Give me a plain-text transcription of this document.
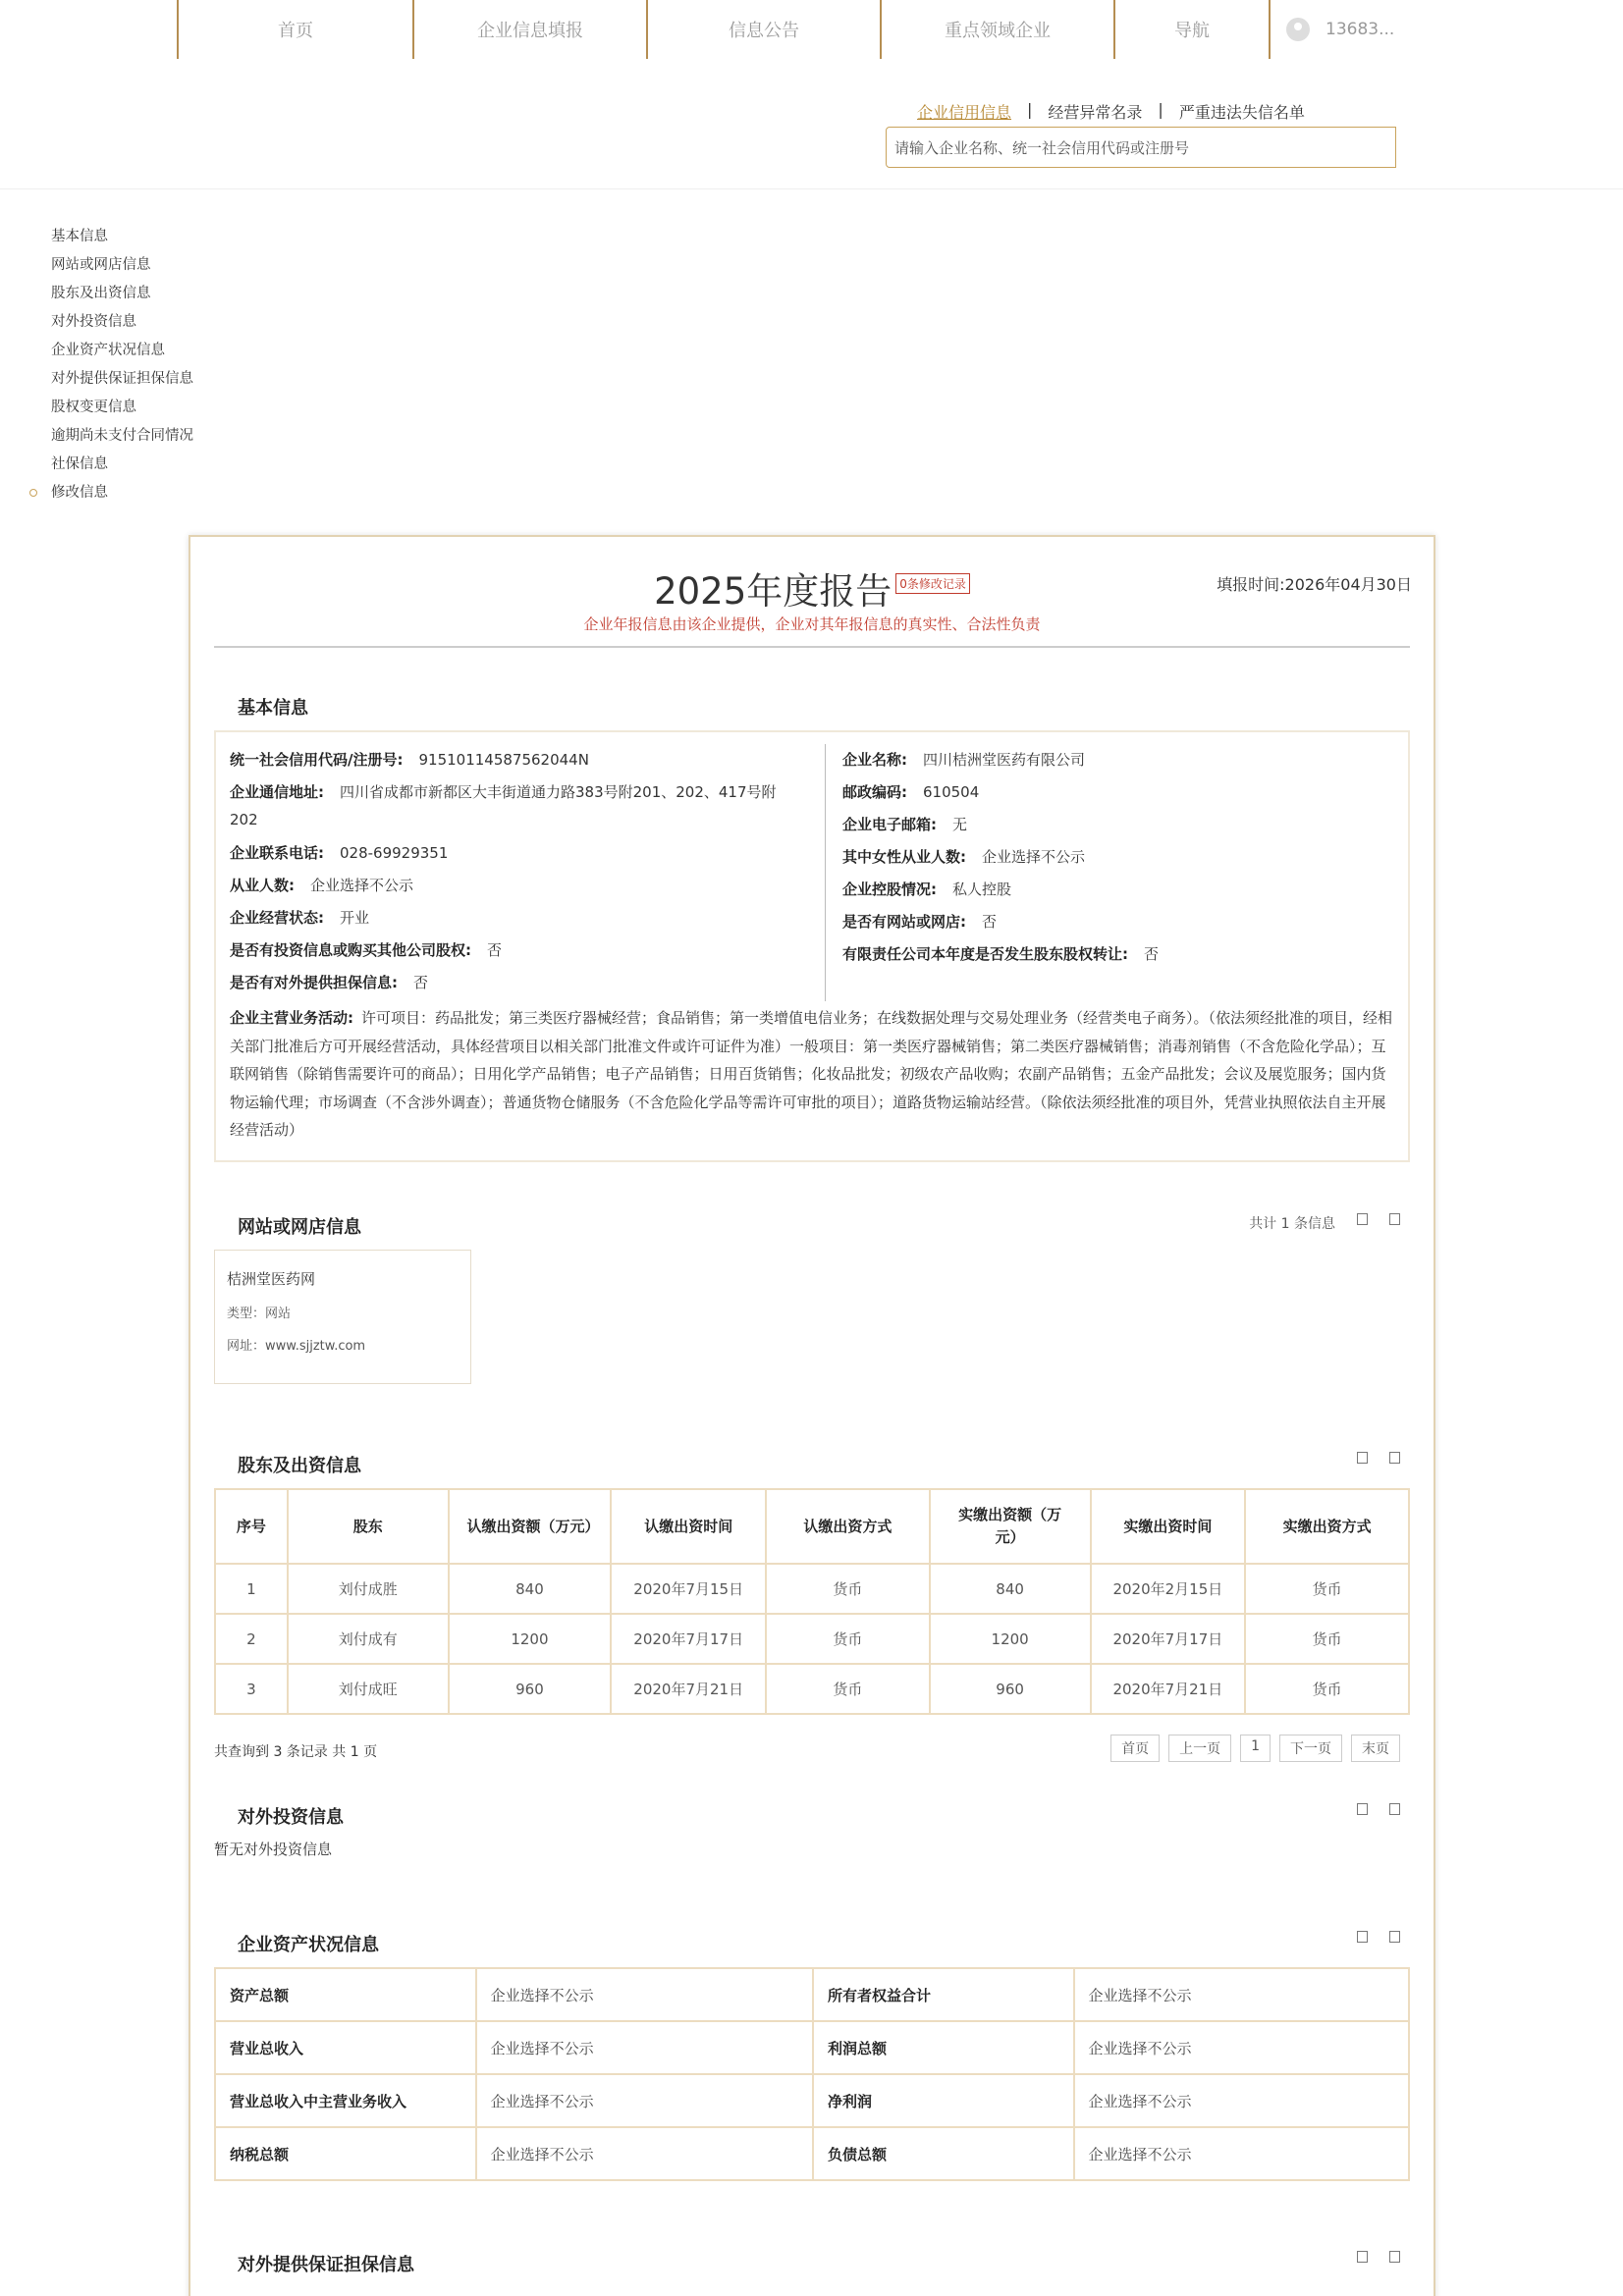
首页	企业信息填报	信息公告	重点领域企业	导航	13683...
企业信用信息 | 经营异常名录 | 严重违法失信名单
请输入企业名称、统一社会信用代码或注册号
基本信息
网站或网店信息
股东及出资信息
对外投资信息
企业资产状况信息
对外提供保证担保信息
股权变更信息
逾期尚未支付合同情况
社保信息
修改信息
2025年度报告 0条修改记录	填报时间:2026年04月30日
企业年报信息由该企业提供，企业对其年报信息的真实性、合法性负责
基本信息
统一社会信用代码/注册号: 91510114587562044N
企业通信地址: 四川省成都市新都区大丰街道通力路383号附201、202、417号附202
企业联系电话: 028-69929351
从业人数: 企业选择不公示
企业经营状态: 开业
是否有投资信息或购买其他公司股权: 否
是否有对外提供担保信息: 否
企业名称: 四川桔洲堂医药有限公司
邮政编码: 610504
企业电子邮箱: 无
其中女性从业人数: 企业选择不公示
企业控股情况: 私人控股
是否有网站或网店: 否
有限责任公司本年度是否发生股东股权转让: 否
企业主营业务活动: 许可项目：药品批发；第三类医疗器械经营；食品销售；第一类增值电信业务；在线数据处理与交易处理业务（经营类电子商务）。（依法须经批准的项目，经相关部门批准后方可开展经营活动，具体经营项目以相关部门批准文件或许可证件为准）一般项目：第一类医疗器械销售；第二类医疗器械销售；消毒剂销售（不含危险化学品）；互联网销售（除销售需要许可的商品）；日用化学产品销售；电子产品销售；日用百货销售；化妆品批发；初级农产品收购；农副产品销售；五金产品批发；会议及展览服务；国内货物运输代理；市场调查（不含涉外调查）；普通货物仓储服务（不含危险化学品等需许可审批的项目）；道路货物运输站经营。（除依法须经批准的项目外，凭营业执照依法自主开展经营活动）
网站或网店信息	共计 1 条信息
桔洲堂医药网
类型：网站
网址：www.sjjztw.com
股东及出资信息
序号	股东	认缴出资额（万元）	认缴出资时间	认缴出资方式	实缴出资额（万元）	实缴出资时间	实缴出资方式
1	刘付成胜	840	2020年7月15日	货币	840	2020年2月15日	货币
2	刘付成有	1200	2020年7月17日	货币	1200	2020年7月17日	货币
3	刘付成旺	960	2020年7月21日	货币	960	2020年7月21日	货币
共查询到 3 条记录 共 1 页	首页	上一页	1	下一页	末页
对外投资信息
暂无对外投资信息
企业资产状况信息
资产总额	企业选择不公示	所有者权益合计	企业选择不公示
营业总收入	企业选择不公示	利润总额	企业选择不公示
营业总收入中主营业务收入	企业选择不公示	净利润	企业选择不公示
纳税总额	企业选择不公示	负债总额	企业选择不公示
对外提供保证担保信息
